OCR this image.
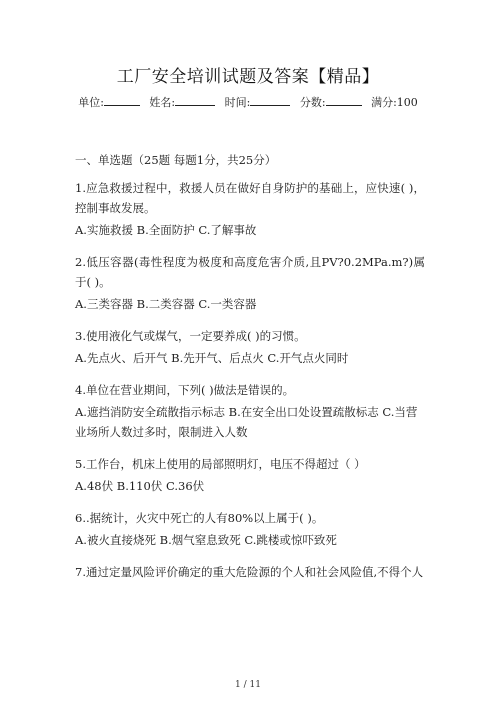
工厂安全培训试题及答案【精品】
单位:	姓名:	时间:	分数:	满分:100
一、单选题（25题 每题1分，共25分）

1.应急救援过程中，救援人员在做好自身防护的基础上，应快速( )，控制事故发展。

A.实施救援 B.全面防护 C.了解事故

2.低压容器(毒性程度为极度和高度危害介质,且PV?0.2MPa.m?)属于( )。

A.三类容器 B.二类容器 C.一类容器

3.使用液化气或煤气，一定要养成( )的习惯。

A.先点火、后开气 B.先开气、后点火 C.开气点火同时

4.单位在营业期间，下列( )做法是错误的。

A.遮挡消防安全疏散指示标志 B.在安全出口处设置疏散标志 C.当营业场所人数过多时，限制进入人数

5.工作台，机床上使用的局部照明灯，电压不得超过（ ）

A.48伏 B.110伏 C.36伏

6..据统计，火灾中死亡的人有80%以上属于( )。

A.被火直接烧死 B.烟气窒息致死 C.跳楼或惊吓致死

7.通过定量风险评价确定的重大危险源的个人和社会风险值,不得个人

1 / 11
